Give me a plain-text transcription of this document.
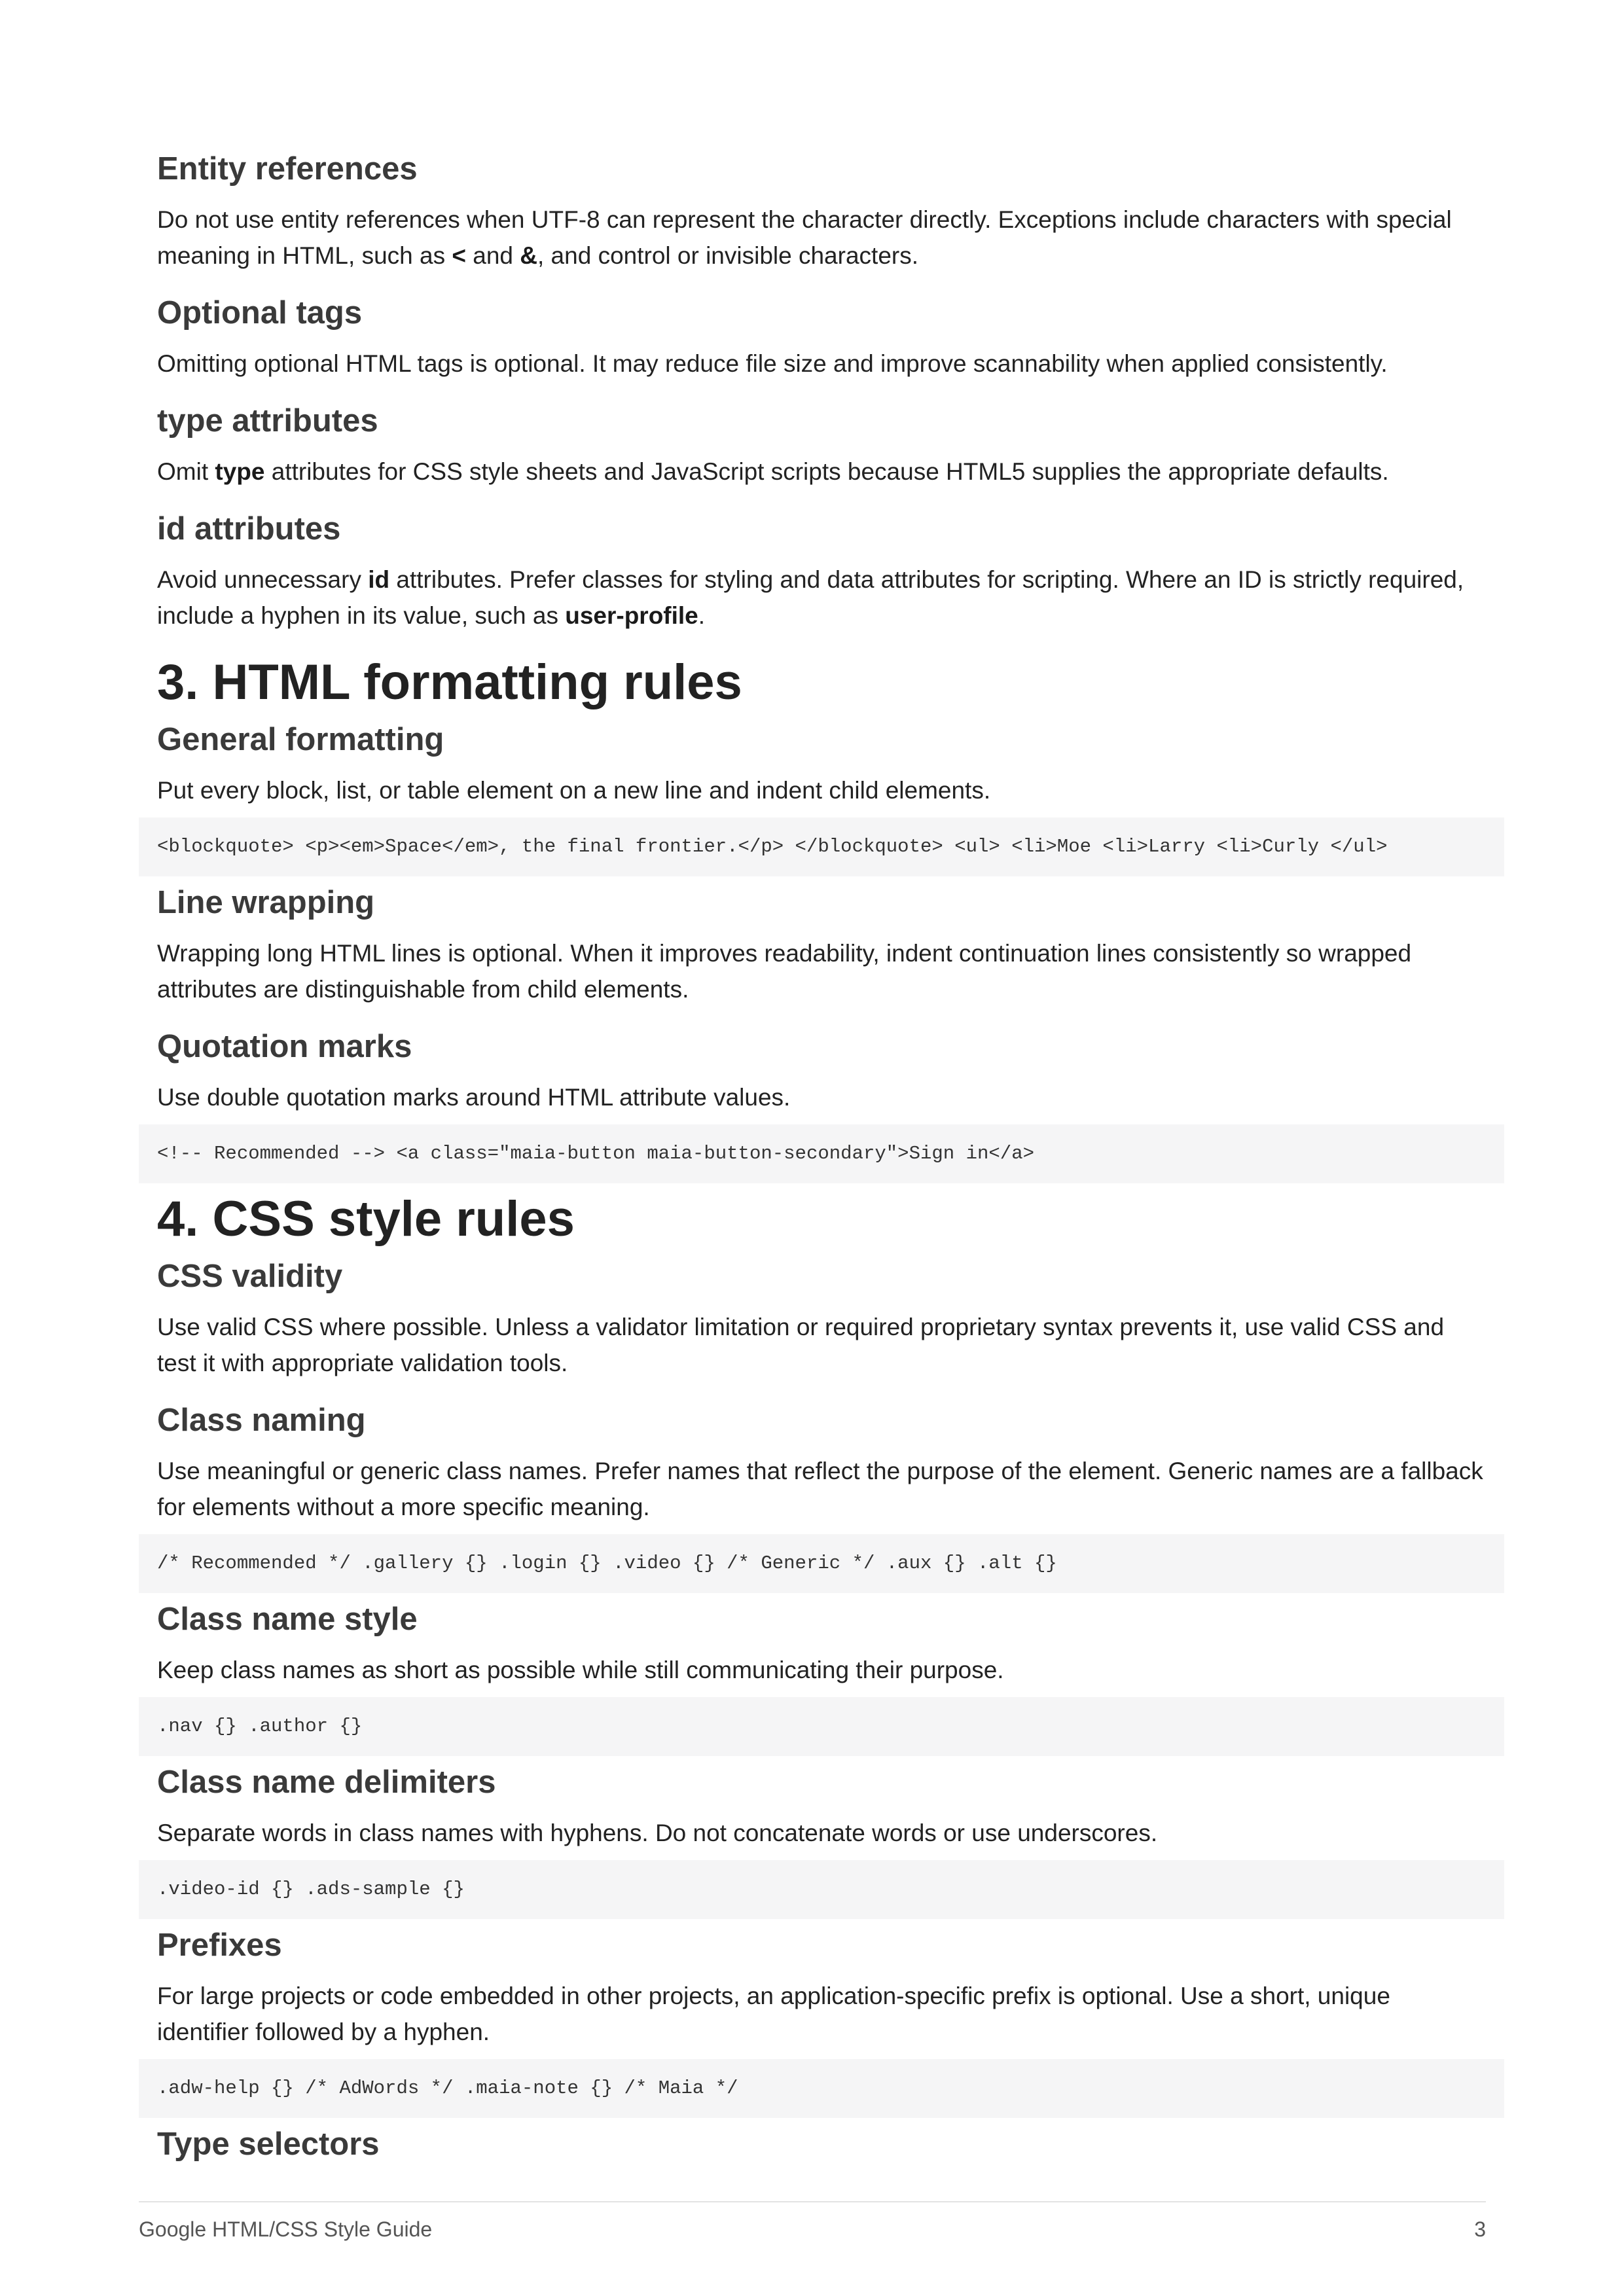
Entity references
Do not use entity references when UTF-8 can represent the character directly. Exceptions include characters with special meaning in HTML, such as < and &, and control or invisible characters.
Optional tags
Omitting optional HTML tags is optional. It may reduce file size and improve scannability when applied consistently.
type attributes
Omit type attributes for CSS style sheets and JavaScript scripts because HTML5 supplies the appropriate defaults.
id attributes
Avoid unnecessary id attributes. Prefer classes for styling and data attributes for scripting. Where an ID is strictly required, include a hyphen in its value, such as user-profile.
3. HTML formatting rules
General formatting
Put every block, list, or table element on a new line and indent child elements.
<blockquote> <p><em>Space</em>, the final frontier.</p> </blockquote> <ul> <li>Moe <li>Larry <li>Curly </ul>
Line wrapping
Wrapping long HTML lines is optional. When it improves readability, indent continuation lines consistently so wrapped attributes are distinguishable from child elements.
Quotation marks
Use double quotation marks around HTML attribute values.
<!-- Recommended --> <a class="maia-button maia-button-secondary">Sign in</a>
4. CSS style rules
CSS validity
Use valid CSS where possible. Unless a validator limitation or required proprietary syntax prevents it, use valid CSS and test it with appropriate validation tools.
Class naming
Use meaningful or generic class names. Prefer names that reflect the purpose of the element. Generic names are a fallback for elements without a more specific meaning.
/* Recommended */ .gallery {} .login {} .video {} /* Generic */ .aux {} .alt {}
Class name style
Keep class names as short as possible while still communicating their purpose.
.nav {} .author {}
Class name delimiters
Separate words in class names with hyphens. Do not concatenate words or use underscores.
.video-id {} .ads-sample {}
Prefixes
For large projects or code embedded in other projects, an application-specific prefix is optional. Use a short, unique identifier followed by a hyphen.
.adw-help {} /* AdWords */ .maia-note {} /* Maia */
Type selectors
Google HTML/CSS Style Guide	3
